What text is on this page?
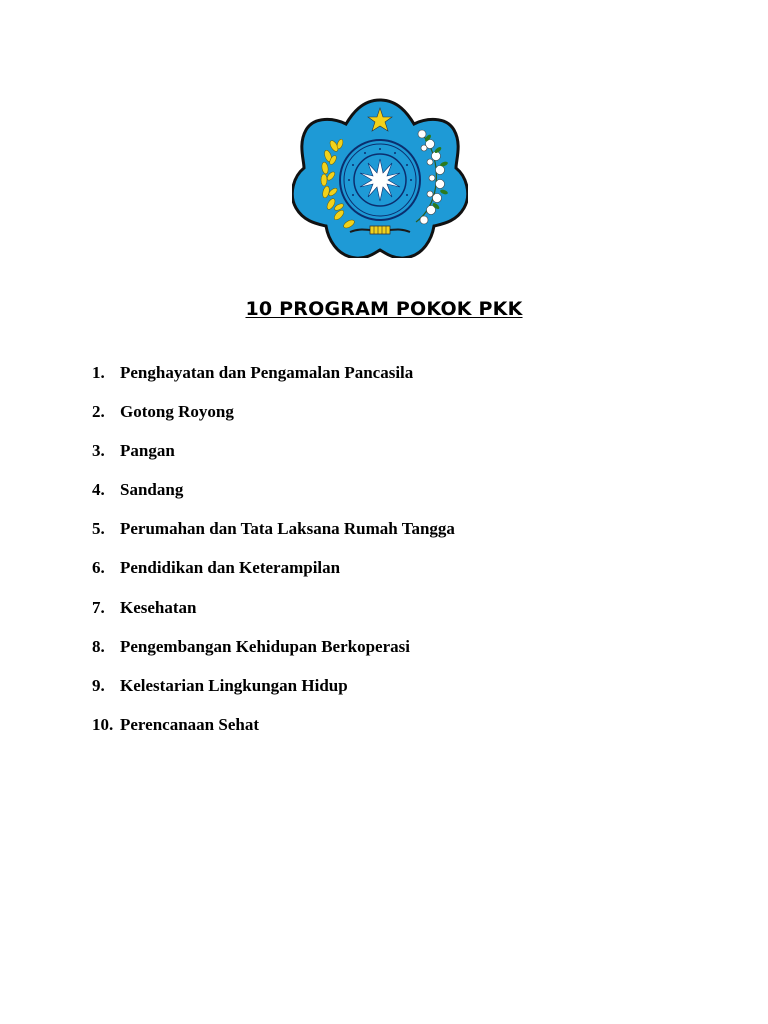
10 PROGRAM POKOK PKK
1. Penghayatan dan Pengamalan Pancasila
2. Gotong Royong
3. Pangan
4. Sandang
5. Perumahan dan Tata Laksana Rumah Tangga
6. Pendidikan dan Keterampilan
7. Kesehatan
8. Pengembangan Kehidupan Berkoperasi
9. Kelestarian Lingkungan Hidup
10. Perencanaan Sehat
